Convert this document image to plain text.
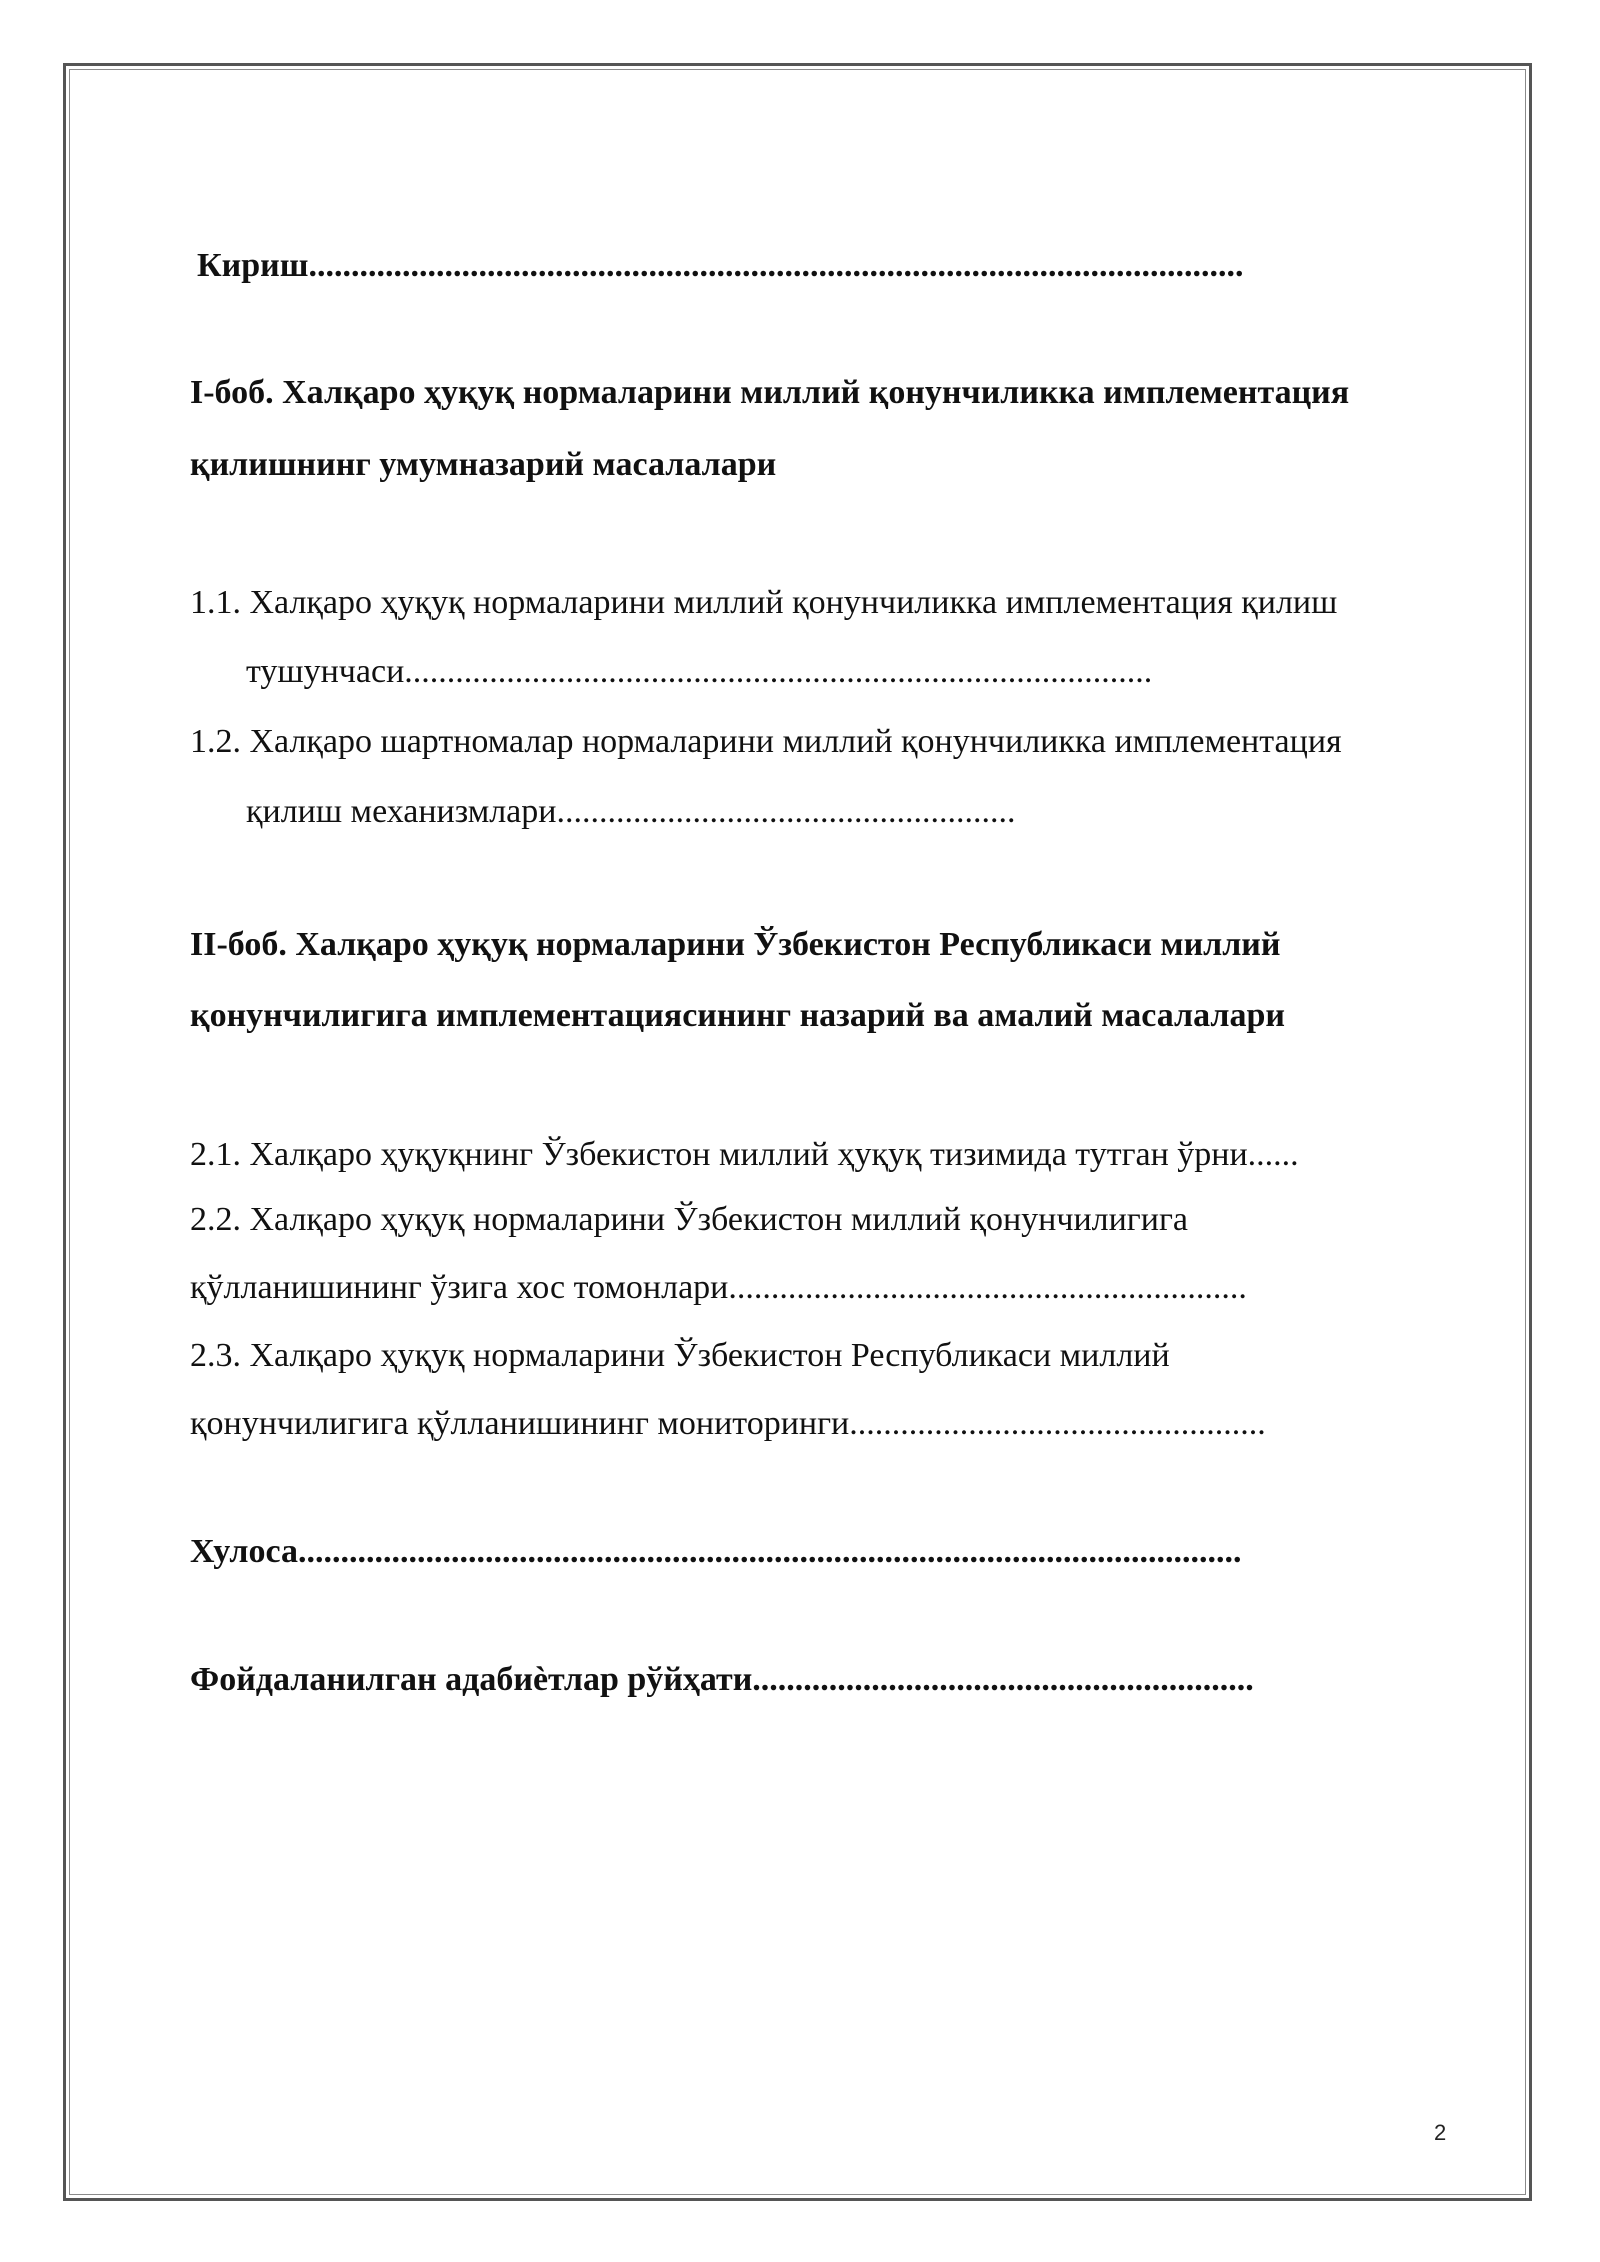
Кириш..............................................................................................................
I-боб. Халқаро ҳуқуқ нормаларини миллий қонунчиликка имплементация
қилишнинг умумназарий масалалари
1.1. Халқаро ҳуқуқ нормаларини миллий қонунчиликка имплементация қилиш
тушунчаси........................................................................................
1.2. Халқаро шартномалар нормаларини миллий қонунчиликка имплементация
қилиш механизмлари......................................................
II-боб. Халқаро ҳуқуқ нормаларини Ўзбекистон Республикаси миллий
қонунчилигига имплементациясининг назарий ва амалий масалалари
2.1. Халқаро ҳуқуқнинг Ўзбекистон миллий ҳуқуқ тизимида тутган ўрни......
2.2. Халқаро ҳуқуқ нормаларини Ўзбекистон миллий қонунчилигига
қўлланишининг ўзига хос томонлари.............................................................
2.3. Халқаро ҳуқуқ нормаларини Ўзбекистон Республикаси миллий
қонунчилигига қўлланишининг мониторинги.................................................
Хулоса...............................................................................................................
Фойдаланилган адабиѐтлар рўйҳати...........................................................
2
